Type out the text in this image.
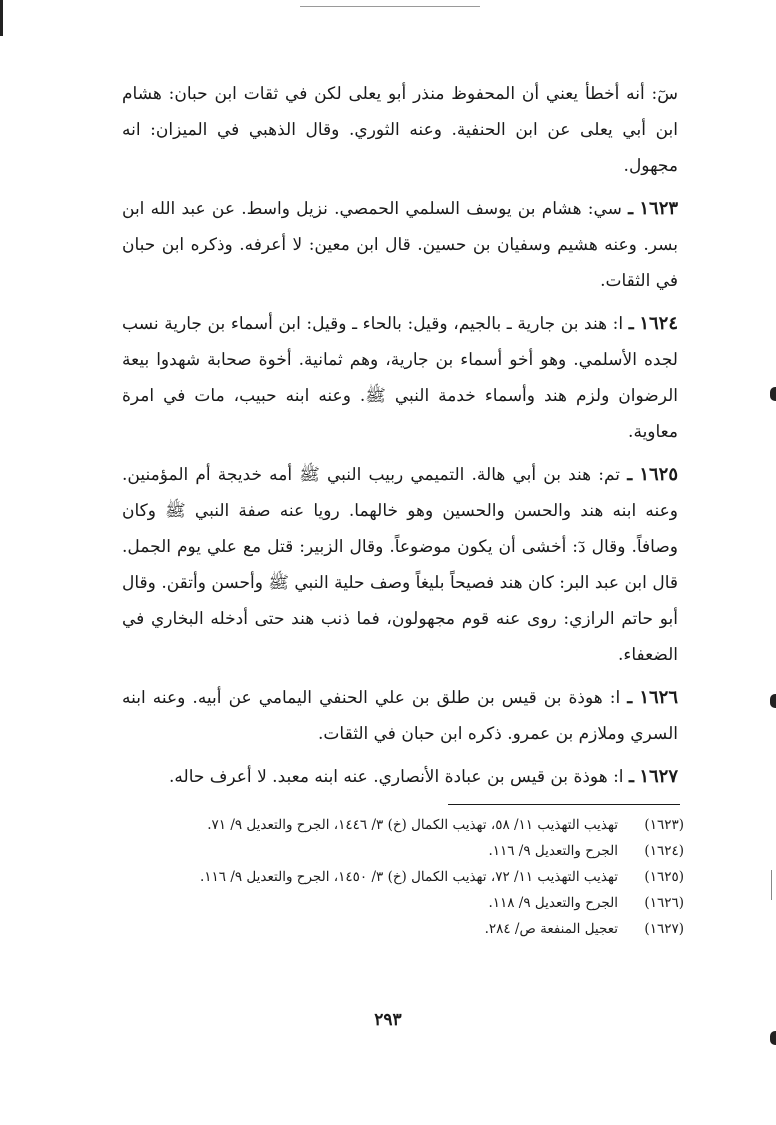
سٓ: أنه أخطأ يعني أن المحفوظ منذر أبو يعلى لكن في ثقات ابن حبان: هشام ابن أبي يعلى عن ابن الحنفية. وعنه الثوري. وقال الذهبي في الميزان: انه مجهول.

١٦٢٣ ـ سي: هشام بن يوسف السلمي الحمصي. نزيل واسط. عن عبد الله ابن بسر. وعنه هشيم وسفيان بن حسين. قال ابن معين: لا أعرفه. وذكره ابن حبان في الثقات.

١٦٢٤ ـ ا: هند بن جارية ـ بالجيم، وقيل: بالحاء ـ وقيل: ابن أسماء بن جارية نسب لجده الأسلمي. وهو أخو أسماء بن جارية، وهم ثمانية. أخوة صحابة شهدوا بيعة الرضوان ولزم هند وأسماء خدمة النبي ﷺ. وعنه ابنه حبيب، مات في امرة معاوية.

١٦٢٥ ـ تم: هند بن أبي هالة. التميمي ربيب النبي ﷺ أمه خديجة أم المؤمنين. وعنه ابنه هند والحسن والحسين وهو خالهما. رويا عنه صفة النبي ﷺ وكان وصافاً. وقال دٓ: أخشى أن يكون موضوعاً. وقال الزبير: قتل مع علي يوم الجمل. قال ابن عبد البر: كان هند فصيحاً بليغاً وصف حلية النبي ﷺ وأحسن وأتقن. وقال أبو حاتم الرازي: روى عنه قوم مجهولون، فما ذنب هند حتى أدخله البخاري في الضعفاء.

١٦٢٦ ـ ا: هوذة بن قيس بن طلق بن علي الحنفي اليمامي عن أبيه. وعنه ابنه السري وملازم بن عمرو. ذكره ابن حبان في الثقات.

١٦٢٧ ـ ا: هوذة بن قيس بن عبادة الأنصاري. عنه ابنه معبد. لا أعرف حاله.

(١٦٢٣)
تهذيب التهذيب ١١/ ٥٨، تهذيب الكمال (خ) ٣/ ١٤٤٦، الجرح والتعديل ٩/ ٧١.
(١٦٢٤)
الجرح والتعديل ٩/ ١١٦.
(١٦٢٥)
تهذيب التهذيب ١١/ ٧٢، تهذيب الكمال (خ) ٣/ ١٤٥٠، الجرح والتعديل ٩/ ١١٦.
(١٦٢٦)
الجرح والتعديل ٩/ ١١٨.
(١٦٢٧)
تعجيل المنفعة ص/ ٢٨٤.
٢٩٣
